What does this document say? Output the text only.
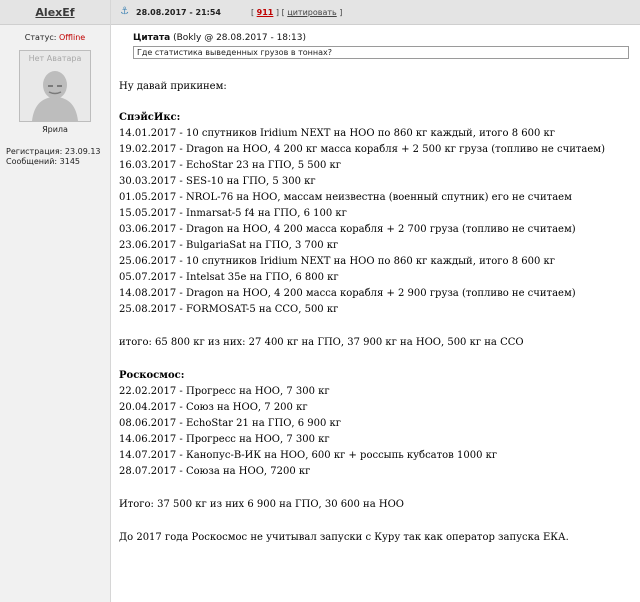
AlexEf
Статус: Offline
Нет Аватара
Ярила
Регистрация: 23.09.13
Сообщений: 3145
⚓ 28.08.2017 - 21:54	[ 911 ] [ цитировать ]
Цитата (Bokly @ 28.08.2017 - 18:13)
Где статистика выведенных грузов в тоннах?
Ну давай прикинем:
СпэйсИкс:
14.01.2017 - 10 спутников Iridium NEXT на НОО по 860 кг каждый, итого 8 600 кг
19.02.2017 - Dragon на НОО, 4 200 кг масса корабля + 2 500 кг груза (топливо не считаем)
16.03.2017 - EchoStar 23 на ГПО, 5 500 кг
30.03.2017 - SES-10 на ГПО, 5 300 кг
01.05.2017 - NROL-76 на НОО, массам неизвестна (военный спутник) его не считаем
15.05.2017 - Inmarsat-5 f4 на ГПО, 6 100 кг
03.06.2017 - Dragon на НОО, 4 200 масса корабля + 2 700 груза (топливо не считаем)
23.06.2017 - BulgariaSat на ГПО, 3 700 кг
25.06.2017 - 10 спутников Iridium NEXT на НОО по 860 кг каждый, итого 8 600 кг
05.07.2017 - Intelsat 35e на ГПО, 6 800 кг
14.08.2017 - Dragon на НОО, 4 200 масса корабля + 2 900 груза (топливо не считаем)
25.08.2017 - FORMOSAT-5 на ССО, 500 кг
итого: 65 800 кг из них: 27 400 кг на ГПО, 37 900 кг на НОО, 500 кг на ССО
Роскосмос:
22.02.2017 - Прогресс на НОО, 7 300 кг
20.04.2017 - Союз на НОО, 7 200 кг
08.06.2017 - EchoStar 21 на ГПО, 6 900 кг
14.06.2017 - Прогресс на НОО, 7 300 кг
14.07.2017 - Канопус-В-ИК на НОО, 600 кг + россыпь кубсатов 1000 кг
28.07.2017 - Союза на НОО, 7200 кг
Итого: 37 500 кг из них 6 900 на ГПО, 30 600 на НОО
До 2017 года Роскосмос не учитывал запуски с Куру так как оператор запуска ЕКА.
